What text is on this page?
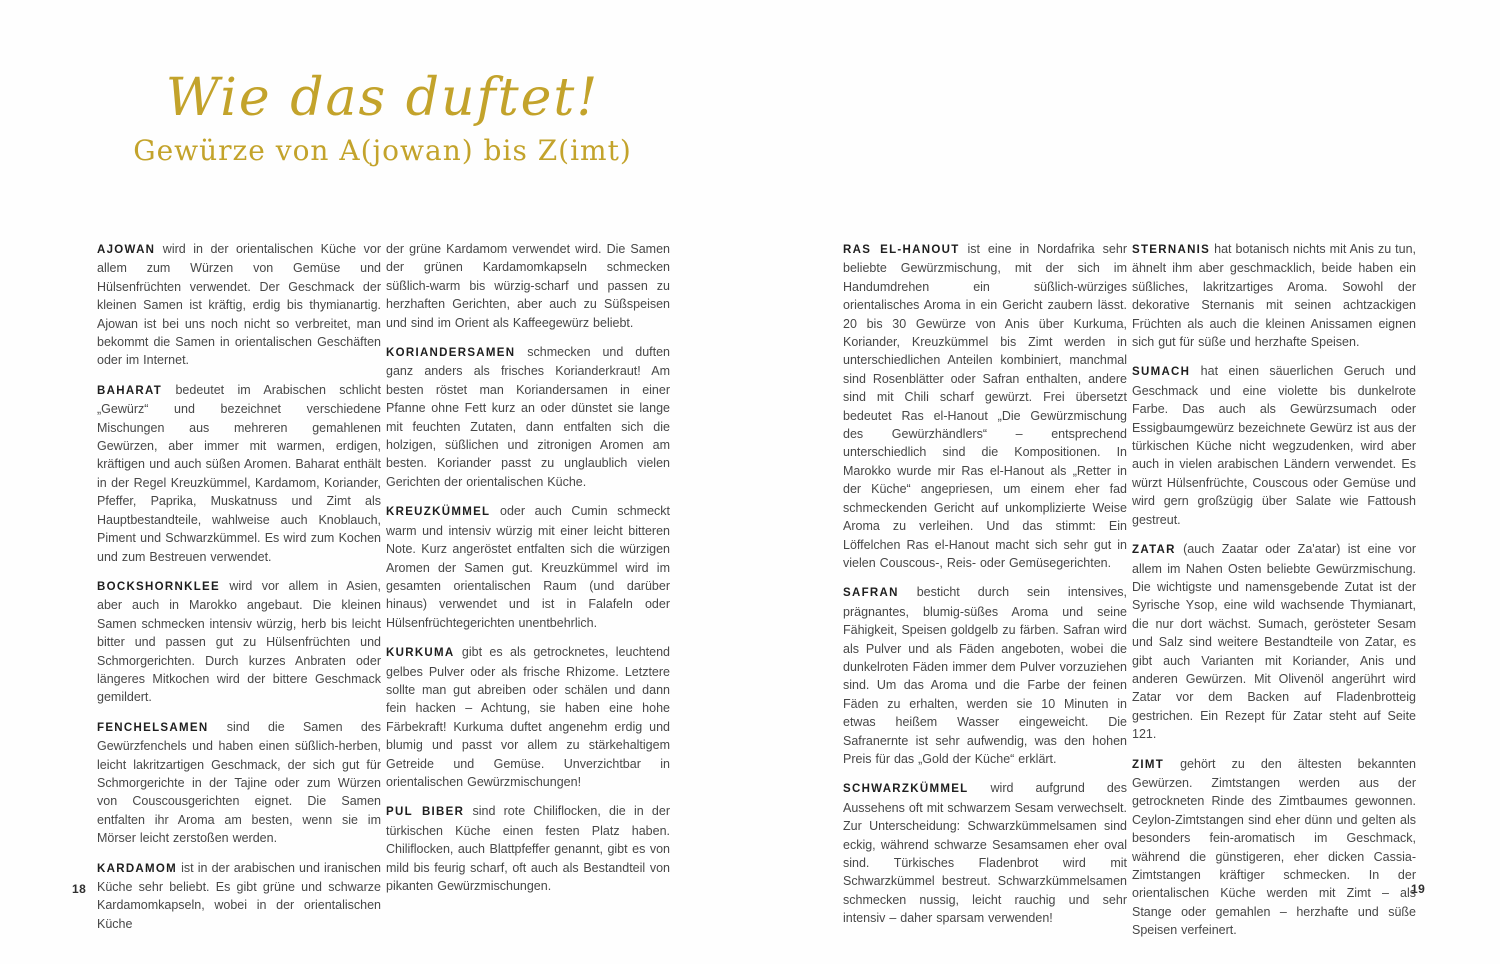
Wie das duftet!
Gewürze von A(jowan) bis Z(imt)

AJOWAN wird in der orientalischen Küche vor allem zum Würzen von Gemüse und Hülsenfrüchten verwendet. Der Geschmack der kleinen Samen ist kräftig, erdig bis thymianartig. Ajowan ist bei uns noch nicht so verbreitet, man bekommt die Samen in orientalischen Geschäften oder im Internet.

BAHARAT bedeutet im Arabischen schlicht „Gewürz“ und bezeichnet verschiedene Mischungen aus mehreren gemahlenen Gewürzen, aber immer mit warmen, erdigen, kräftigen und auch süßen Aromen. Baharat enthält in der Regel Kreuzkümmel, Kardamom, Koriander, Pfeffer, Paprika, Muskatnuss und Zimt als Hauptbestandteile, wahlweise auch Knoblauch, Piment und Schwarzkümmel. Es wird zum Kochen und zum Bestreuen verwendet.

BOCKSHORNKLEE wird vor allem in Asien, aber auch in Marokko angebaut. Die kleinen Samen schmecken intensiv würzig, herb bis leicht bitter und passen gut zu Hülsenfrüchten und Schmorgerichten. Durch kurzes Anbraten oder längeres Mitkochen wird der bittere Geschmack gemildert.

FENCHELSAMEN sind die Samen des Gewürzfenchels und haben einen süßlich-herben, leicht lakritzartigen Geschmack, der sich gut für Schmorgerichte in der Tajine oder zum Würzen von Couscousgerichten eignet. Die Samen entfalten ihr Aroma am besten, wenn sie im Mörser leicht zerstoßen werden.

KARDAMOM ist in der arabischen und iranischen Küche sehr beliebt. Es gibt grüne und schwarze Kardamomkapseln, wobei in der orientalischen Küche

der grüne Kardamom verwendet wird. Die Samen der grünen Kardamomkapseln schmecken süßlich-warm bis würzig-scharf und passen zu herzhaften Gerichten, aber auch zu Süßspeisen und sind im Orient als Kaffeegewürz beliebt.

KORIANDERSAMEN schmecken und duften ganz anders als frisches Korianderkraut! Am besten röstet man Koriandersamen in einer Pfanne ohne Fett kurz an oder dünstet sie lange mit feuchten Zutaten, dann entfalten sich die holzigen, süßlichen und zitronigen Aromen am besten. Koriander passt zu unglaublich vielen Gerichten der orientalischen Küche.

KREUZKÜMMEL oder auch Cumin schmeckt warm und intensiv würzig mit einer leicht bitteren Note. Kurz angeröstet entfalten sich die würzigen Aromen der Samen gut. Kreuzkümmel wird im gesamten orientalischen Raum (und darüber hinaus) verwendet und ist in Falafeln oder Hülsenfrüchtegerichten unentbehrlich.

KURKUMA gibt es als getrocknetes, leuchtend gelbes Pulver oder als frische Rhizome. Letztere sollte man gut abreiben oder schälen und dann fein hacken – Achtung, sie haben eine hohe Färbekraft! Kurkuma duftet angenehm erdig und blumig und passt vor allem zu stärkehaltigem Getreide und Gemüse. Unverzichtbar in orientalischen Gewürzmischungen!

PUL BIBER sind rote Chiliflocken, die in der türkischen Küche einen festen Platz haben. Chiliflocken, auch Blattpfeffer genannt, gibt es von mild bis feurig scharf, oft auch als Bestandteil von pikanten Gewürzmischungen.

RAS EL-HANOUT ist eine in Nordafrika sehr beliebte Gewürzmischung, mit der sich im Handumdrehen ein süßlich-würziges orientalisches Aroma in ein Gericht zaubern lässt. 20 bis 30 Gewürze von Anis über Kurkuma, Koriander, Kreuzkümmel bis Zimt werden in unterschiedlichen Anteilen kombiniert, manchmal sind Rosenblätter oder Safran enthalten, andere sind mit Chili scharf gewürzt. Frei übersetzt bedeutet Ras el-Hanout „Die Gewürzmischung des Gewürzhändlers“ – entsprechend unterschiedlich sind die Kompositionen. In Marokko wurde mir Ras el-Hanout als „Retter in der Küche“ angepriesen, um einem eher fad schmeckenden Gericht auf unkomplizierte Weise Aroma zu verleihen. Und das stimmt: Ein Löffelchen Ras el-Hanout macht sich sehr gut in vielen Couscous-, Reis- oder Gemüsegerichten.

SAFRAN besticht durch sein intensives, prägnantes, blumig-süßes Aroma und seine Fähigkeit, Speisen goldgelb zu färben. Safran wird als Pulver und als Fäden angeboten, wobei die dunkelroten Fäden immer dem Pulver vorzuziehen sind. Um das Aroma und die Farbe der feinen Fäden zu erhalten, werden sie 10 Minuten in etwas heißem Wasser eingeweicht. Die Safranernte ist sehr aufwendig, was den hohen Preis für das „Gold der Küche“ erklärt.

SCHWARZKÜMMEL wird aufgrund des Aussehens oft mit schwarzem Sesam verwechselt. Zur Unterscheidung: Schwarzkümmelsamen sind eckig, während schwarze Sesamsamen eher oval sind. Türkisches Fladenbrot wird mit Schwarzkümmel bestreut. Schwarzkümmelsamen schmecken nussig, leicht rauchig und sehr intensiv – daher sparsam verwenden!

STERNANIS hat botanisch nichts mit Anis zu tun, ähnelt ihm aber geschmacklich, beide haben ein süßliches, lakritzartiges Aroma. Sowohl der dekorative Sternanis mit seinen achtzackigen Früchten als auch die kleinen Anissamen eignen sich gut für süße und herzhafte Speisen.

SUMACH hat einen säuerlichen Geruch und Geschmack und eine violette bis dunkelrote Farbe. Das auch als Gewürzsumach oder Essigbaumgewürz bezeichnete Gewürz ist aus der türkischen Küche nicht wegzudenken, wird aber auch in vielen arabischen Ländern verwendet. Es würzt Hülsenfrüchte, Couscous oder Gemüse und wird gern großzügig über Salate wie Fattoush gestreut.

ZATAR (auch Zaatar oder Za'atar) ist eine vor allem im Nahen Osten beliebte Gewürzmischung. Die wichtigste und namensgebende Zutat ist der Syrische Ysop, eine wild wachsende Thymianart, die nur dort wächst. Sumach, gerösteter Sesam und Salz sind weitere Bestandteile von Zatar, es gibt auch Varianten mit Koriander, Anis und anderen Gewürzen. Mit Olivenöl angerührt wird Zatar vor dem Backen auf Fladenbrotteig gestrichen. Ein Rezept für Zatar steht auf Seite 121.

ZIMT gehört zu den ältesten bekannten Gewürzen. Zimtstangen werden aus der getrockneten Rinde des Zimtbaumes gewonnen. Ceylon-Zimtstangen sind eher dünn und gelten als besonders fein-aromatisch im Geschmack, während die günstigeren, eher dicken Cassia-Zimtstangen kräftiger schmecken. In der orientalischen Küche werden mit Zimt – als Stange oder gemahlen – herzhafte und süße Speisen verfeinert.

18	19
